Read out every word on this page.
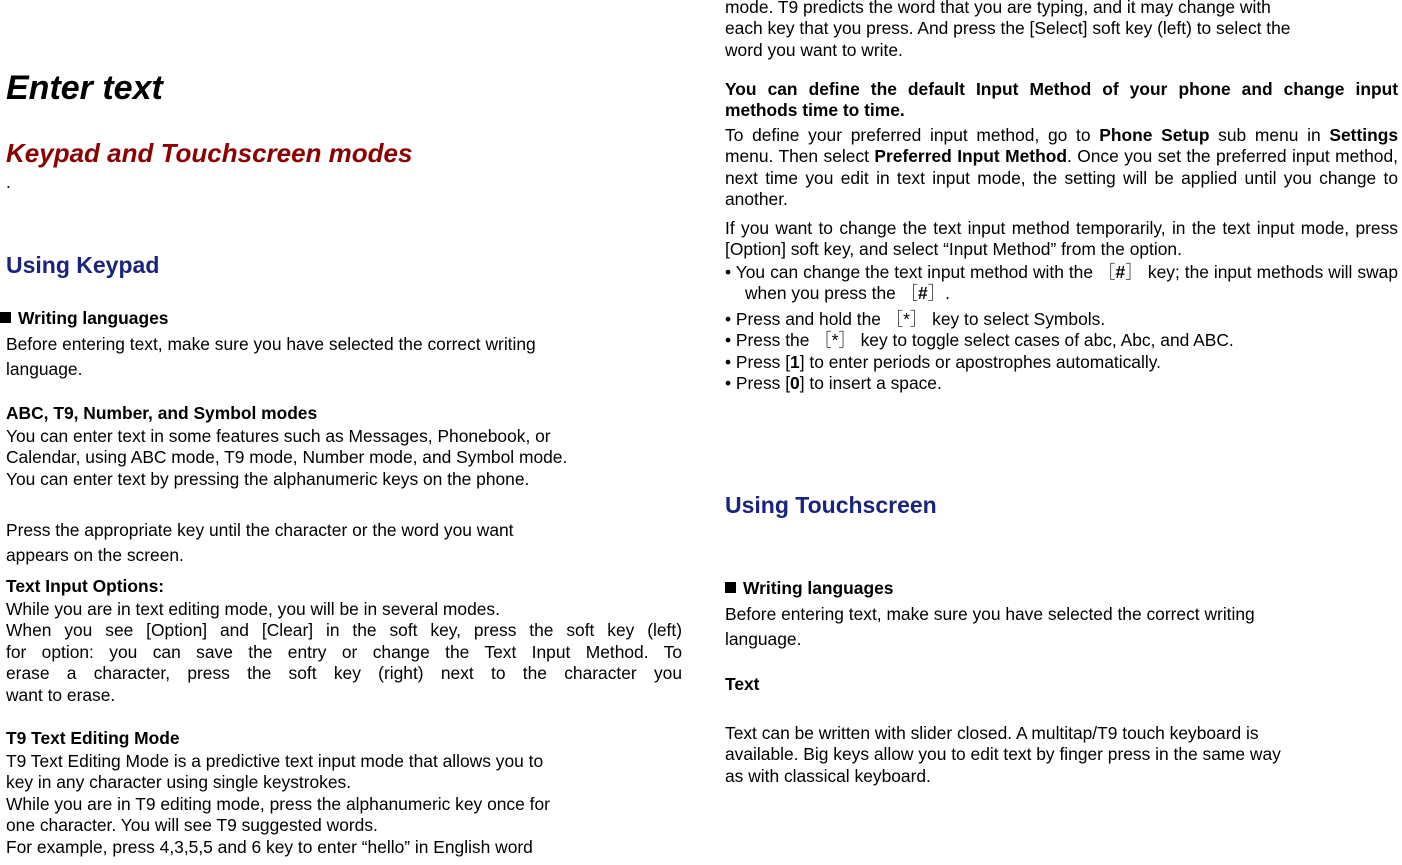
Enter text
Keypad and Touchscreen modes
.
Using Keypad
Writing languages

Before entering text, make sure you have selected the correct writing

language.

ABC, T9, Number, and Symbol modes

You can enter text in some features such as Messages, Phonebook, or

Calendar, using ABC mode, T9 mode, Number mode, and Symbol mode.

You can enter text by pressing the alphanumeric keys on the phone.

Press the appropriate key until the character or the word you want

appears on the screen.

Text Input Options:

While you are in text editing mode, you will be in several modes.

When you see [Option] and [Clear] in the soft key, press the soft key (left)

for option: you can save the entry or change the Text Input Method. To

erase a character, press the soft key (right) next to the character you

want to erase.

T9 Text Editing Mode

T9 Text Editing Mode is a predictive text input mode that allows you to

key in any character using single keystrokes.

While you are in T9 editing mode, press the alphanumeric key once for

one character. You will see T9 suggested words.

For example, press 4,3,5,5 and 6 key to enter “hello” in English word

mode. T9 predicts the word that you are typing, and it may change with

each key that you press. And press the [Select] soft key (left) to select the

word you want to write.

You can define the default Input Method of your phone and change input methods time to time.
To define your preferred input method, go to Phone Setup sub menu in Settings menu. Then select Preferred Input Method. Once you set the preferred input method, next time you edit in text input mode, the setting will be applied until you change to another.
If you want to change the text input method temporarily, in the text input mode, press [Option] soft key, and select “Input Method” from the option.
• You can change the text input method with the ［#］ key; the input methods will swap when you press the ［#］.

• Press and hold the ［*］ key to select Symbols.

• Press the ［*］ key to toggle select cases of abc, Abc, and ABC.

• Press [1] to enter periods or apostrophes automatically.

• Press [0] to insert a space.

Using Touchscreen
Writing languages

Before entering text, make sure you have selected the correct writing

language.

Text

Text can be written with slider closed. A multitap/T9 touch keyboard is

available. Big keys allow you to edit text by finger press in the same way

as with classical keyboard.
